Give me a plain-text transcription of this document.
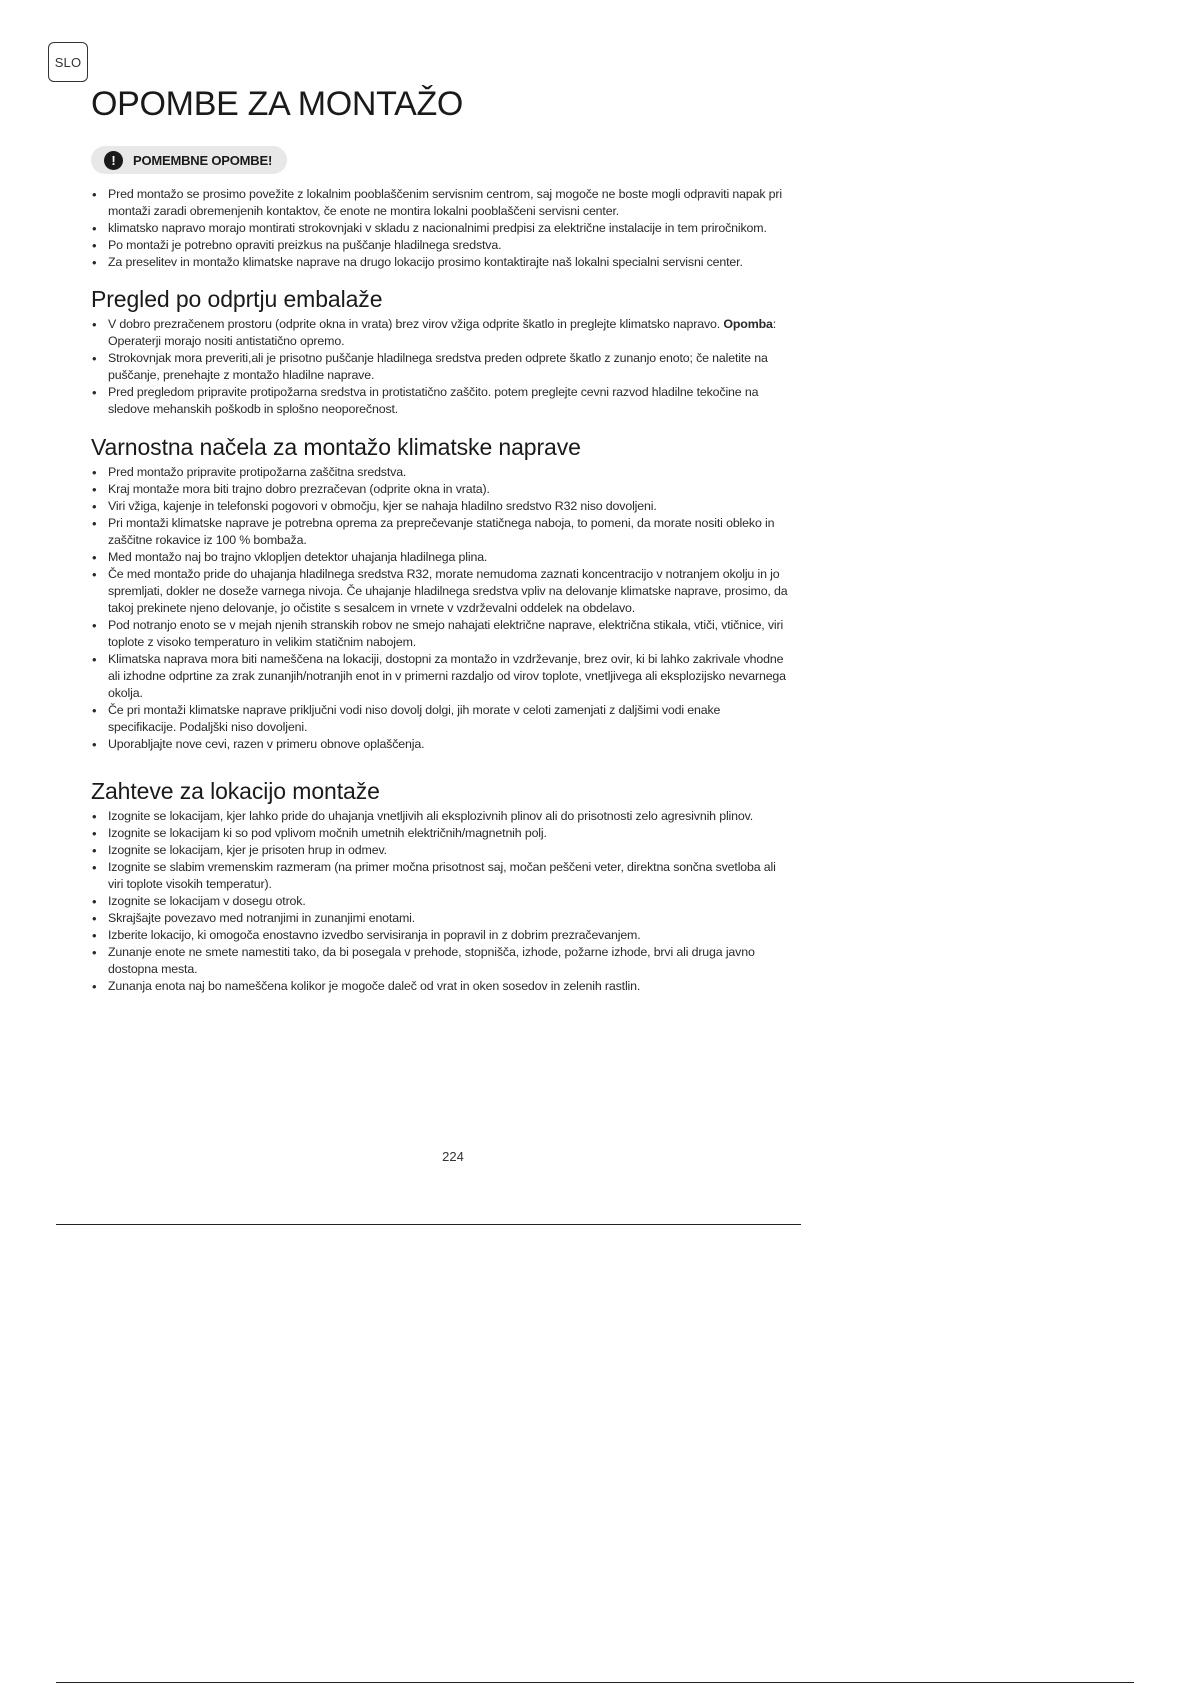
SLO
OPOMBE ZA MONTAŽO
!	POMEMBNE OPOMBE!
• Pred montažo se prosimo povežite z lokalnim pooblaščenim servisnim centrom, saj mogoče ne boste mogli odpraviti napak pri montaži zaradi obremenjenih kontaktov, če enote ne montira lokalni pooblaščeni servisni center.
• klimatsko napravo morajo montirati strokovnjaki v skladu z nacionalnimi predpisi za električne instalacije in tem priročnikom.
• Po montaži je potrebno opraviti preizkus na puščanje hladilnega sredstva.
• Za preselitev in montažo klimatske naprave na drugo lokacijo prosimo kontaktirajte naš lokalni specialni servisni center.
Pregled po odprtju embalaže
• V dobro prezračenem prostoru (odprite okna in vrata) brez virov vžiga odprite škatlo in preglejte klimatsko napravo. Opomba: Operaterji morajo nositi antistatično opremo.
• Strokovnjak mora preveriti,ali je prisotno puščanje hladilnega sredstva preden odprete škatlo z zunanjo enoto; če naletite na puščanje, prenehajte z montažo hladilne naprave.
• Pred pregledom pripravite protipožarna sredstva in protistatično zaščito. potem preglejte cevni razvod hladilne tekočine na sledove mehanskih poškodb in splošno neoporečnost.
Varnostna načela za montažo klimatske naprave
• Pred montažo pripravite protipožarna zaščitna sredstva.
• Kraj montaže mora biti trajno dobro prezračevan (odprite okna in vrata).
• Viri vžiga, kajenje in telefonski pogovori v območju, kjer se nahaja hladilno sredstvo R32 niso dovoljeni.
• Pri montaži klimatske naprave je potrebna oprema za preprečevanje statičnega naboja, to pomeni, da morate nositi obleko in zaščitne rokavice iz 100 % bombaža.
• Med montažo naj bo trajno vklopljen detektor uhajanja hladilnega plina.
• Če med montažo pride do uhajanja hladilnega sredstva R32, morate nemudoma zaznati koncentracijo v notranjem okolju in jo spremljati, dokler ne doseže varnega nivoja. Če uhajanje hladilnega sredstva vpliv na delovanje klimatske naprave, prosimo, da takoj prekinete njeno delovanje, jo očistite s sesalcem in vrnete v vzdrževalni oddelek na obdelavo.
• Pod notranjo enoto se v mejah njenih stranskih robov ne smejo nahajati električne naprave, električna stikala, vtiči, vtičnice, viri toplote z visoko temperaturo in velikim statičnim nabojem.
• Klimatska naprava mora biti nameščena na lokaciji, dostopni za montažo in vzdrževanje, brez ovir, ki bi lahko zakrivale vhodne ali izhodne odprtine za zrak zunanjih/notranjih enot in v primerni razdaljo od virov toplote, vnetljivega ali eksplozijsko nevarnega okolja.
• Če pri montaži klimatske naprave priključni vodi niso dovolj dolgi, jih morate v celoti zamenjati z daljšimi vodi enake specifikacije. Podaljški niso dovoljeni.
• Uporabljajte nove cevi, razen v primeru obnove oplaščenja.
Zahteve za lokacijo montaže
• Izognite se lokacijam, kjer lahko pride do uhajanja vnetljivih ali eksplozivnih plinov ali do prisotnosti zelo agresivnih plinov.
• Izognite se lokacijam ki so pod vplivom močnih umetnih električnih/magnetnih polj.
• Izognite se lokacijam, kjer je prisoten hrup in odmev.
• Izognite se slabim vremenskim razmeram (na primer močna prisotnost saj, močan peščeni veter, direktna sončna svetloba ali viri toplote visokih temperatur).
• Izognite se lokacijam v dosegu otrok.
• Skrajšajte povezavo med notranjimi in zunanjimi enotami.
• Izberite lokacijo, ki omogoča enostavno izvedbo servisiranja in popravil in z dobrim prezračevanjem.
• Zunanje enote ne smete namestiti tako, da bi posegala v prehode, stopnišča, izhode, požarne izhode, brvi ali druga javno dostopna mesta.
• Zunanja enota naj bo nameščena kolikor je mogoče daleč od vrat in oken sosedov in zelenih rastlin.
224
